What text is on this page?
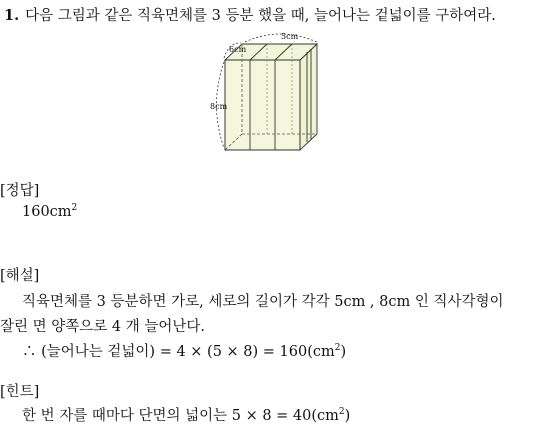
1. 다음 그림과 같은 직육면체를 3 등분 했을 때, 늘어나는 겉넓이를 구하여라.
5cm
6cm
8cm
[정답]
$160cm^2$
[해설]
직육면체를 3 등분하면 가로, 세로의 길이가 각각 5cm , 8cm 인 직사각형이
잘린 면 양쪽으로 4 개 늘어난다.
∴ (늘어나는 겉넓이) = $4 \times (5 \times 8) = 160(cm^2)$
[힌트]
한 번 자를 때마다 단면의 넓이는 $5 \times 8 = 40(cm^2)$
